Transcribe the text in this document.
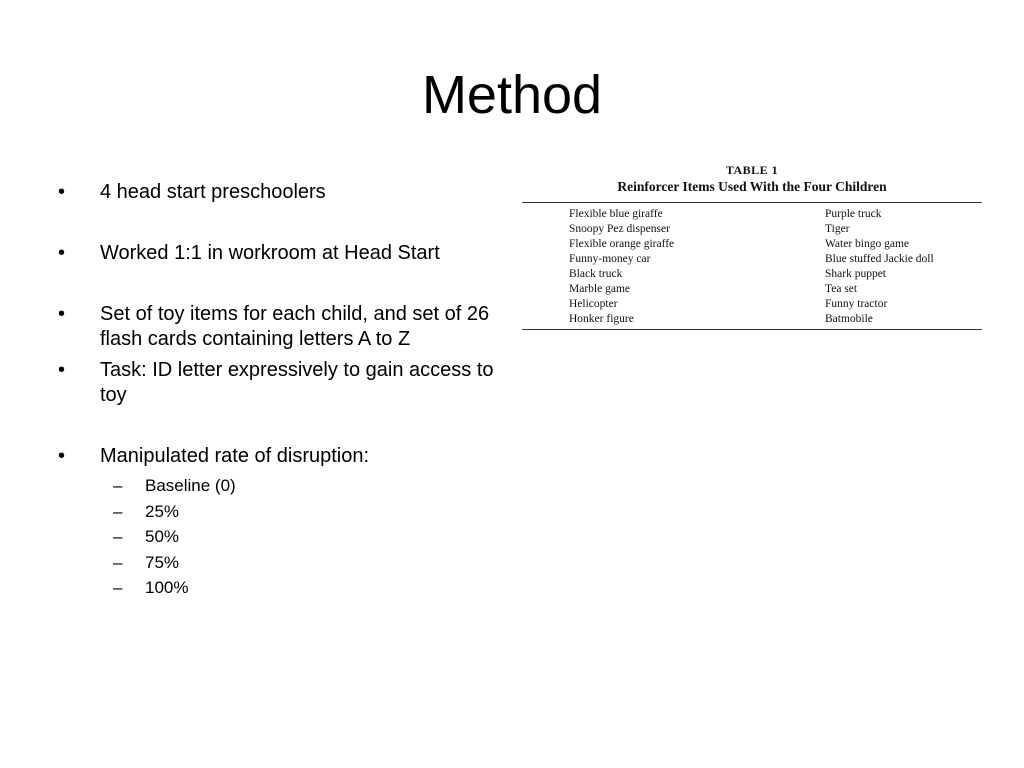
Method
•	4 head start preschoolers
•	Worked 1:1 in workroom at Head Start
•	Set of toy items for each child, and set of 26 flash cards containing letters A to Z
•	Task: ID letter expressively to gain access to toy
•	Manipulated rate of disruption:
– Baseline (0)
– 25%
– 50%
– 75%
– 100%
TABLE 1
Reinforcer Items Used With the Four Children
Flexible blue giraffe	Purple truck
Snoopy Pez dispenser	Tiger
Flexible orange giraffe	Water bingo game
Funny-money car	Blue stuffed Jackie doll
Black truck	Shark puppet
Marble game	Tea set
Helicopter	Funny tractor
Honker figure	Batmobile
